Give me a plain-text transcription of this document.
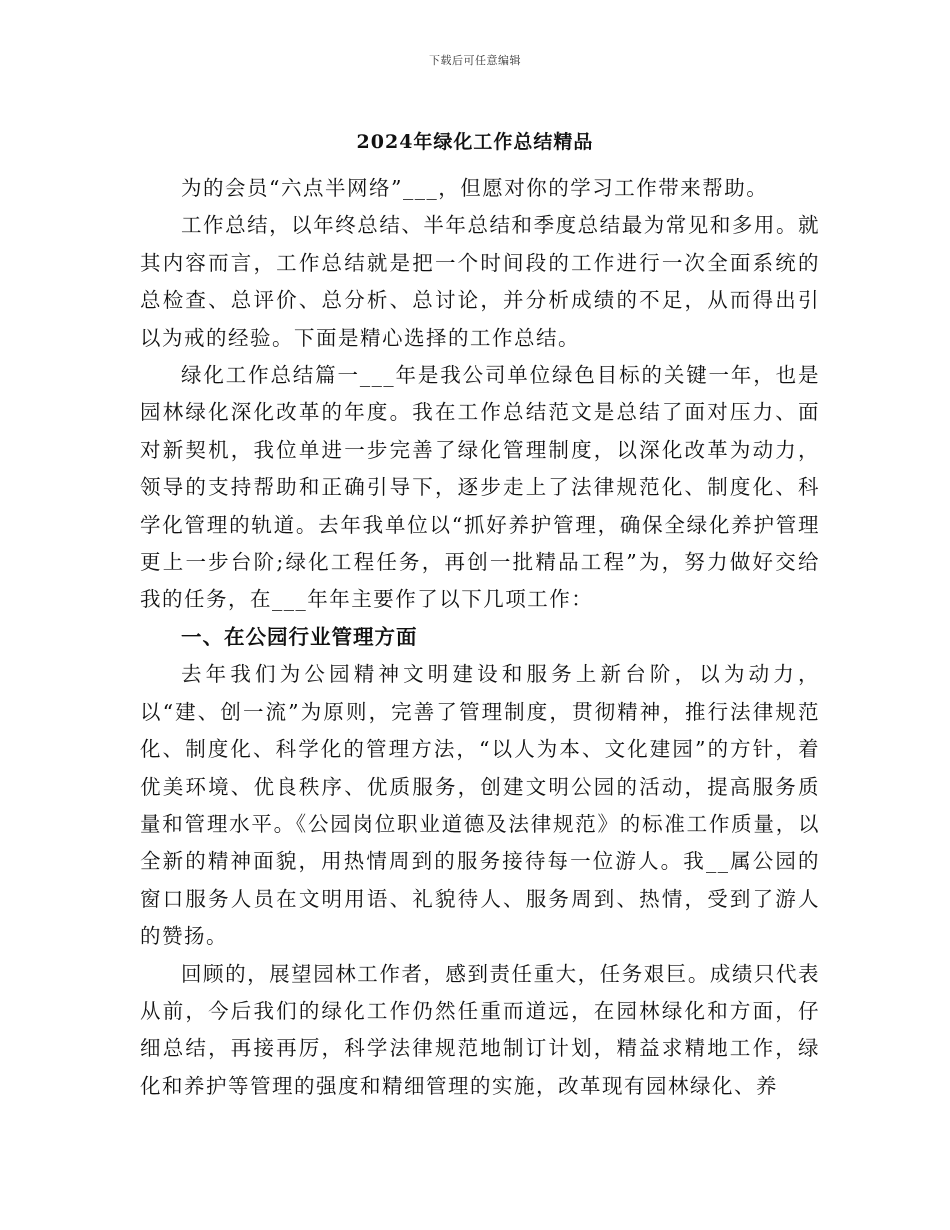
下载后可任意编辑
2024年绿化工作总结精品

为的会员“六点半网络”___，但愿对你的学习工作带来帮助。

工作总结，以年终总结、半年总结和季度总结最为常见和多用。就其内容而言，工作总结就是把一个时间段的工作进行一次全面系统的总检查、总评价、总分析、总讨论，并分析成绩的不足，从而得出引以为戒的经验。下面是精心选择的工作总结。

绿化工作总结篇一___年是我公司单位绿色目标的关键一年，也是园林绿化深化改革的年度。我在工作总结范文是总结了面对压力、面对新契机，我位单进一步完善了绿化管理制度，以深化改革为动力，领导的支持帮助和正确引导下，逐步走上了法律规范化、制度化、科学化管理的轨道。去年我单位以“抓好养护管理，确保全绿化养护管理更上一步台阶;绿化工程任务，再创一批精品工程”为，努力做好交给我的任务，在___年年主要作了以下几项工作：

一、在公园行业管理方面

去年我们为公园精神文明建设和服务上新台阶，以为动力，以“建、创一流”为原则，完善了管理制度，贯彻精神，推行法律规范化、制度化、科学化的管理方法，“以人为本、文化建园”的方针，着优美环境、优良秩序、优质服务，创建文明公园的活动，提高服务质量和管理水平。《公园岗位职业道德及法律规范》的标准工作质量，以全新的精神面貌，用热情周到的服务接待每一位游人。我__属公园的窗口服务人员在文明用语、礼貌待人、服务周到、热情，受到了游人的赞扬。

回顾的，展望园林工作者，感到责任重大，任务艰巨。成绩只代表从前，今后我们的绿化工作仍然任重而道远，在园林绿化和方面，仔细总结，再接再厉，科学法律规范地制订计划，精益求精地工作，绿化和养护等管理的强度和精细管理的实施，改革现有园林绿化、养
